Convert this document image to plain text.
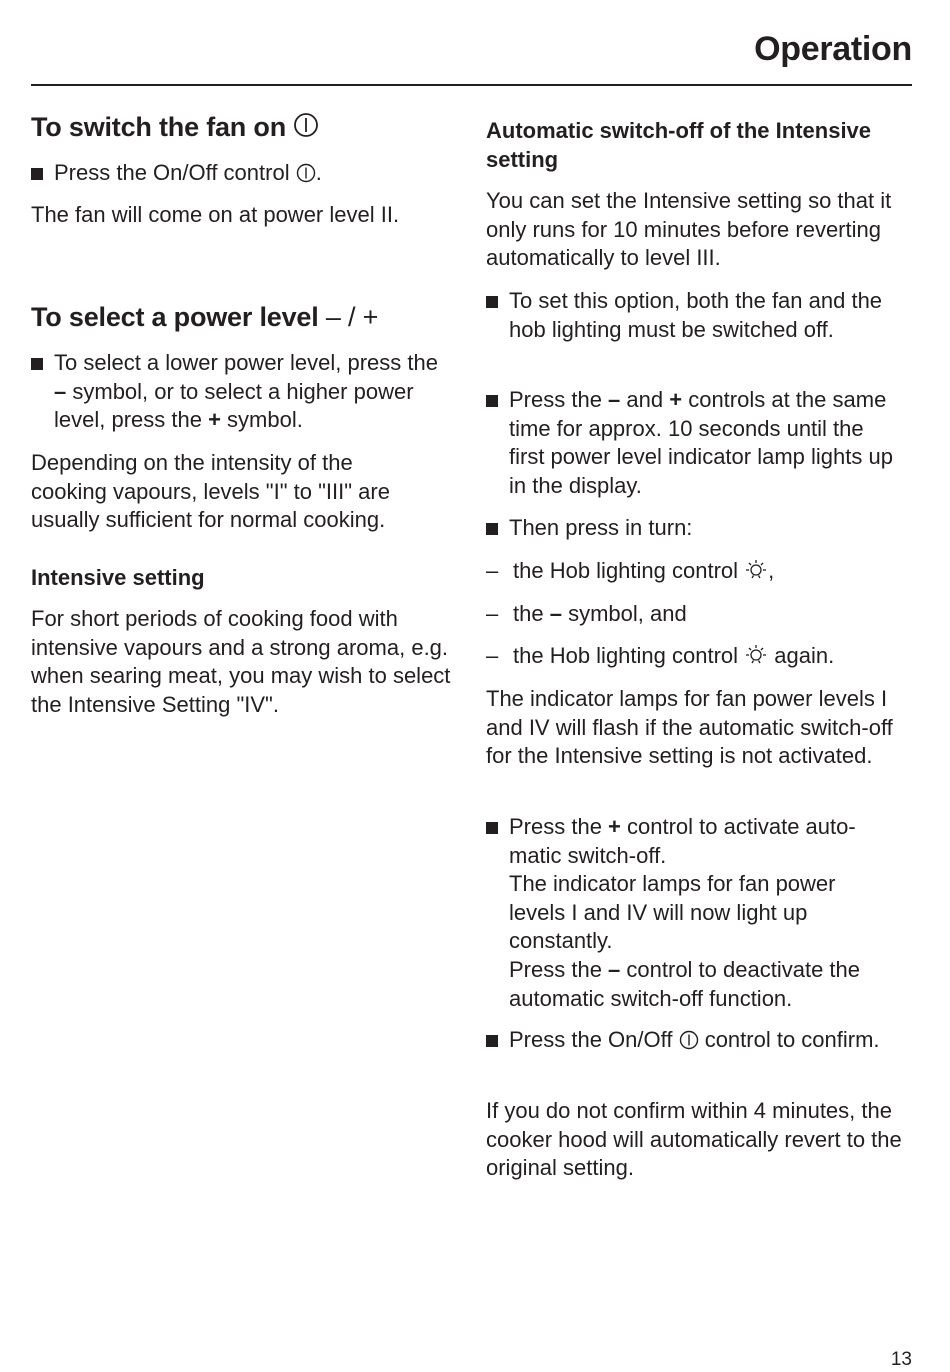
Operation
To switch the fan on
Press the On/Off control .

The fan will come on at power level II.

To select a power level – / +
To select a lower power level, press the – symbol, or to select a higher power level, press the + symbol.

Depending on the intensity of the cooking vapours, levels "I" to "III" are usually sufficient for normal cooking.

Intensive setting

For short periods of cooking food with intensive vapours and a strong aroma, e.g. when searing meat, you may wish to select the Intensive Setting "IV".

Automatic switch-off of the Intensive setting

You can set the Intensive setting so that it only runs for 10 minutes before reverting automatically to level III.

To set this option, both the fan and the hob lighting must be switched off.
Press the – and + controls at the same time for approx. 10 seconds until the first power level indicator lamp lights up in the display.
Then press in turn:
– the Hob lighting control ,
– the – symbol, and
– the Hob lighting control  again.

The indicator lamps for fan power levels I and IV will flash if the automatic switch-off for the Intensive setting is not activated.

Press the + control to activate auto-matic switch-off.
The indicator lamps for fan power levels I and IV will now light up constantly.
Press the – control to deactivate the automatic switch-off function.
Press the On/Off  control to confirm.

If you do not confirm within 4 minutes, the cooker hood will automatically revert to the original setting.

13
